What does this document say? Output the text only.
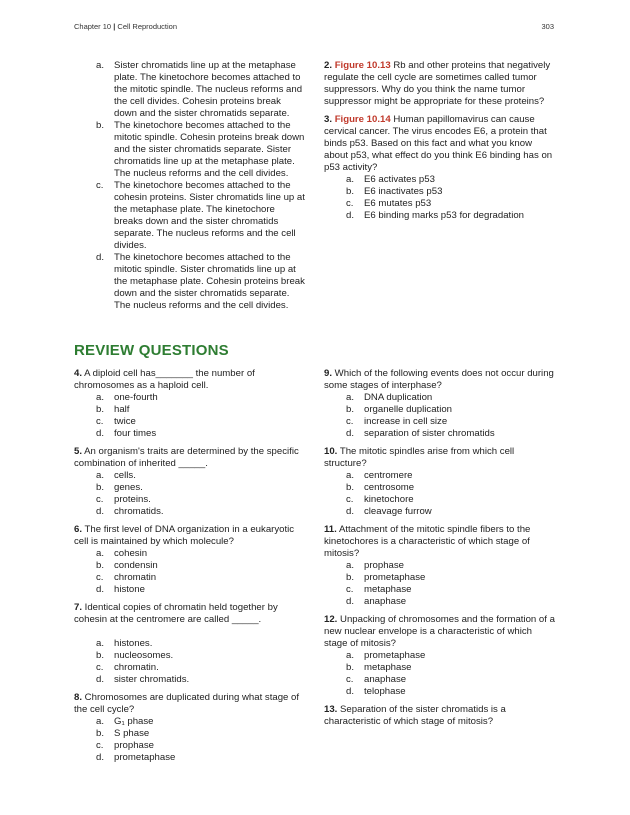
Chapter 10 | Cell Reproduction	303
a.	Sister chromatids line up at the metaphase plate. The kinetochore becomes attached to the mitotic spindle. The nucleus reforms and the cell divides. Cohesin proteins break down and the sister chromatids separate.
b.	The kinetochore becomes attached to the mitotic spindle. Cohesin proteins break down and the sister chromatids separate. Sister chromatids line up at the metaphase plate. The nucleus reforms and the cell divides.
c.	The kinetochore becomes attached to the cohesin proteins. Sister chromatids line up at the metaphase plate. The kinetochore breaks down and the sister chromatids separate. The nucleus reforms and the cell divides.
d.	The kinetochore becomes attached to the mitotic spindle. Sister chromatids line up at the metaphase plate. Cohesin proteins break down and the sister chromatids separate. The nucleus reforms and the cell divides.
2. Figure 10.13 Rb and other proteins that negatively regulate the cell cycle are sometimes called tumor suppressors. Why do you think the name tumor suppressor might be appropriate for these proteins?
3. Figure 10.14 Human papillomavirus can cause cervical cancer. The virus encodes E6, a protein that binds p53. Based on this fact and what you know about p53, what effect do you think E6 binding has on p53 activity?
a.	E6 activates p53
b.	E6 inactivates p53
c.	E6 mutates p53
d.	E6 binding marks p53 for degradation
REVIEW QUESTIONS
4. A diploid cell has_______ the number of chromosomes as a haploid cell.
a.	one-fourth
b.	half
c.	twice
d.	four times
5. An organism's traits are determined by the specific combination of inherited _____.
a.	cells.
b.	genes.
c.	proteins.
d.	chromatids.
6. The first level of DNA organization in a eukaryotic cell is maintained by which molecule?
a.	cohesin
b.	condensin
c.	chromatin
d.	histone
7. Identical copies of chromatin held together by cohesin at the centromere are called _____.
a.	histones.
b.	nucleosomes.
c.	chromatin.
d.	sister chromatids.
8. Chromosomes are duplicated during what stage of the cell cycle?
a.	G₁ phase
b.	S phase
c.	prophase
d.	prometaphase
9. Which of the following events does not occur during some stages of interphase?
a.	DNA duplication
b.	organelle duplication
c.	increase in cell size
d.	separation of sister chromatids
10. The mitotic spindles arise from which cell structure?
a.	centromere
b.	centrosome
c.	kinetochore
d.	cleavage furrow
11. Attachment of the mitotic spindle fibers to the kinetochores is a characteristic of which stage of mitosis?
a.	prophase
b.	prometaphase
c.	metaphase
d.	anaphase
12. Unpacking of chromosomes and the formation of a new nuclear envelope is a characteristic of which stage of mitosis?
a.	prometaphase
b.	metaphase
c.	anaphase
d.	telophase
13. Separation of the sister chromatids is a characteristic of which stage of mitosis?
